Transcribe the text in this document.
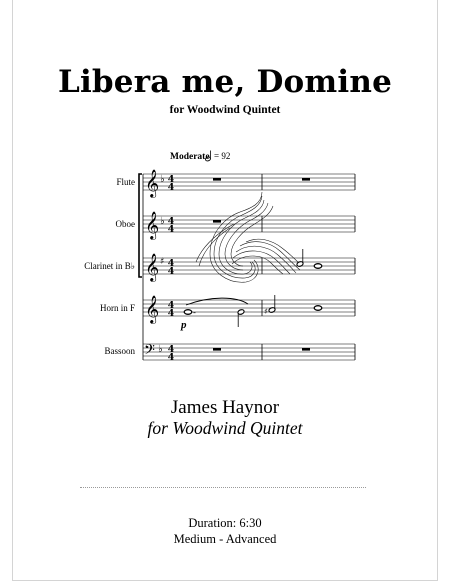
Libera me, Domine
for Woodwind Quintet
Moderate = 92
Flute
Oboe
Clarinet in B♭
Horn in F
Bassoon
𝄞
𝄞
𝄞
𝄞
𝄢
♭
♭
♯
♭
4
4
4
4
4
4
4
4
4
4
-	♯
p
James Haynor
for Woodwind Quintet
Duration: 6:30
Medium - Advanced
